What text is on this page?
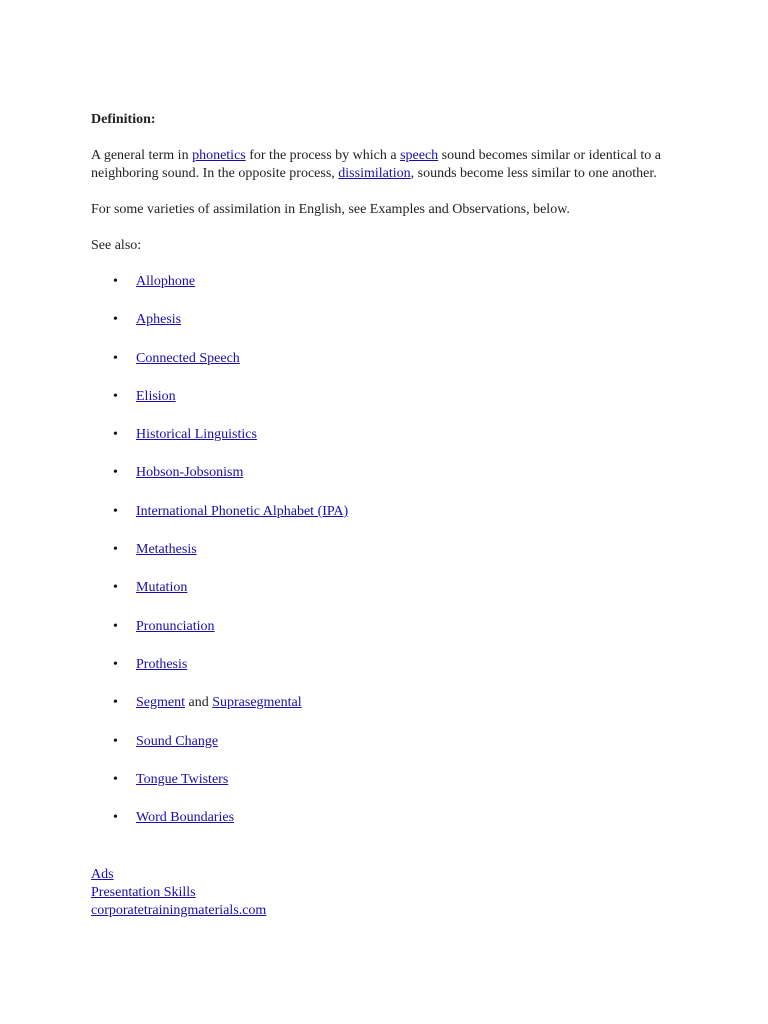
Definition:

A general term in phonetics for the process by which a speech sound becomes similar or identical to a neighboring sound. In the opposite process, dissimilation, sounds become less similar to one another.

For some varieties of assimilation in English, see Examples and Observations, below.

See also:

• Allophone
• Aphesis
• Connected Speech
• Elision
• Historical Linguistics
• Hobson-Jobsonism
• International Phonetic Alphabet (IPA)
• Metathesis
• Mutation
• Pronunciation
• Prothesis
• Segment and Suprasegmental
• Sound Change
• Tongue Twisters
• Word Boundaries
Ads
Presentation Skills
corporatetrainingmaterials.com
